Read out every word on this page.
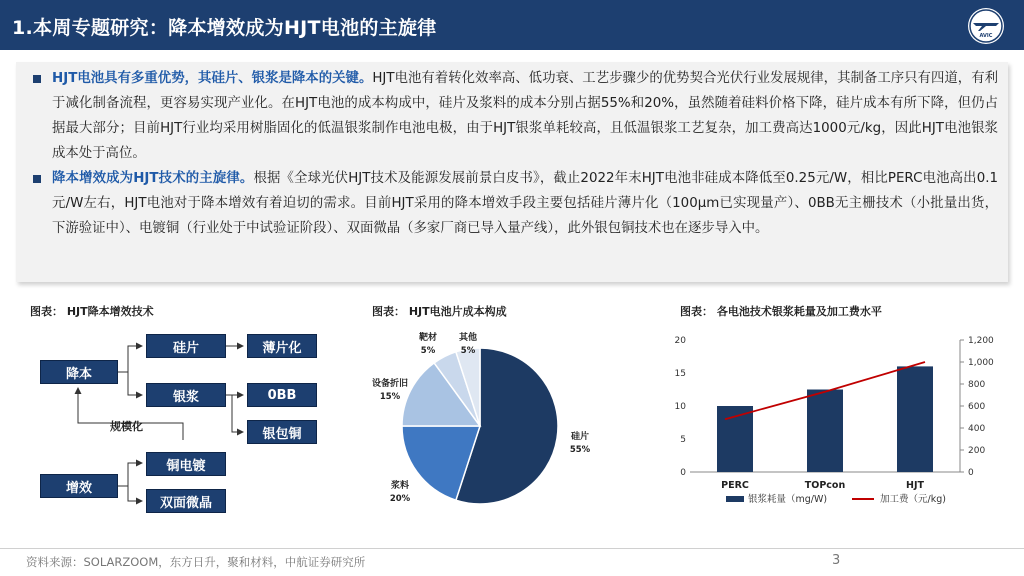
1.本周专题研究：降本增效成为HJT电池的主旋律	AVIC

HJT电池具有多重优势，其硅片、银浆是降本的关键。HJT电池有着转化效率高、低功衰、工艺步骤少的优势契合光伏行业发展规律，其制备工序只有四道，有利于减化制备流程，更容易实现产业化。在HJT电池的成本构成中，硅片及浆料的成本分别占据55%和20%，虽然随着硅料价格下降，硅片成本有所下降，但仍占据最大部分；目前HJT行业均采用树脂固化的低温银浆制作电池电极，由于HJT银浆单耗较高，且低温银浆工艺复杂，加工费高达1000元/kg，因此HJT电池银浆成本处于高位。

降本增效成为HJT技术的主旋律。根据《全球光伏HJT技术及能源发展前景白皮书》，截止2022年末HJT电池非硅成本降低至0.25元/W，相比PERC电池高出0.1元/W左右，HJT电池对于降本增效有着迫切的需求。目前HJT采用的降本增效手段主要包括硅片薄片化（100μm已实现量产）、0BB无主栅技术（小批量出货，下游验证中）、电镀铜（行业处于中试验证阶段）、双面微晶（多家厂商已导入量产线），此外银包铜技术也在逐步导入中。

图表： HJT降本增效技术
降本
硅片
银浆
薄片化
0BB
银包铜
规模化
铜电镀
增效
双面微晶
图表： HJT电池片成本构成
硅片
55%
浆料
20%
设备折旧
15%
靶材
5%
其他
5%
图表： 各电池技术银浆耗量及加工费水平
0
5
10
15
20
0
200
400
600
800
1,000
1,200
PERC	TOPcon	HJT
银浆耗量（mg/W)	加工费（元/kg)
资料来源：SOLARZOOM，东方日升，聚和材料，中航证券研究所	3
